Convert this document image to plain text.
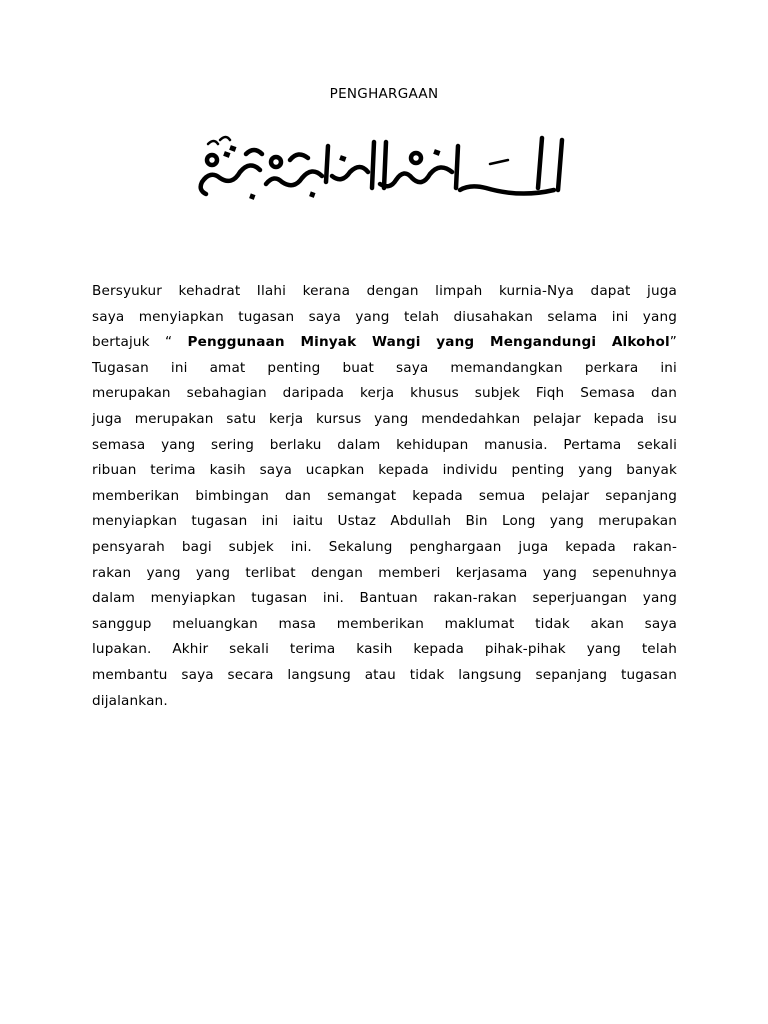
PENGHARGAAN
Bersyukur kehadrat Ilahi kerana dengan limpah kurnia-Nya dapat juga
saya menyiapkan tugasan saya yang telah diusahakan selama ini yang
bertajuk “ Penggunaan Minyak Wangi yang Mengandungi Alkohol”
Tugasan ini amat penting buat saya memandangkan perkara ini
merupakan sebahagian daripada kerja khusus subjek Fiqh Semasa dan
juga merupakan satu kerja kursus yang mendedahkan pelajar kepada isu
semasa yang sering berlaku dalam kehidupan manusia. Pertama sekali
ribuan terima kasih saya ucapkan kepada individu penting yang banyak
memberikan bimbingan dan semangat kepada semua pelajar sepanjang
menyiapkan tugasan ini iaitu Ustaz Abdullah Bin Long yang merupakan
pensyarah bagi subjek ini. Sekalung penghargaan juga kepada rakan-
rakan yang yang terlibat dengan memberi kerjasama yang sepenuhnya
dalam menyiapkan tugasan ini. Bantuan rakan-rakan seperjuangan yang
sanggup meluangkan masa memberikan maklumat tidak akan saya
lupakan. Akhir sekali terima kasih kepada pihak-pihak yang telah
membantu saya secara langsung atau tidak langsung sepanjang tugasan
dijalankan.
